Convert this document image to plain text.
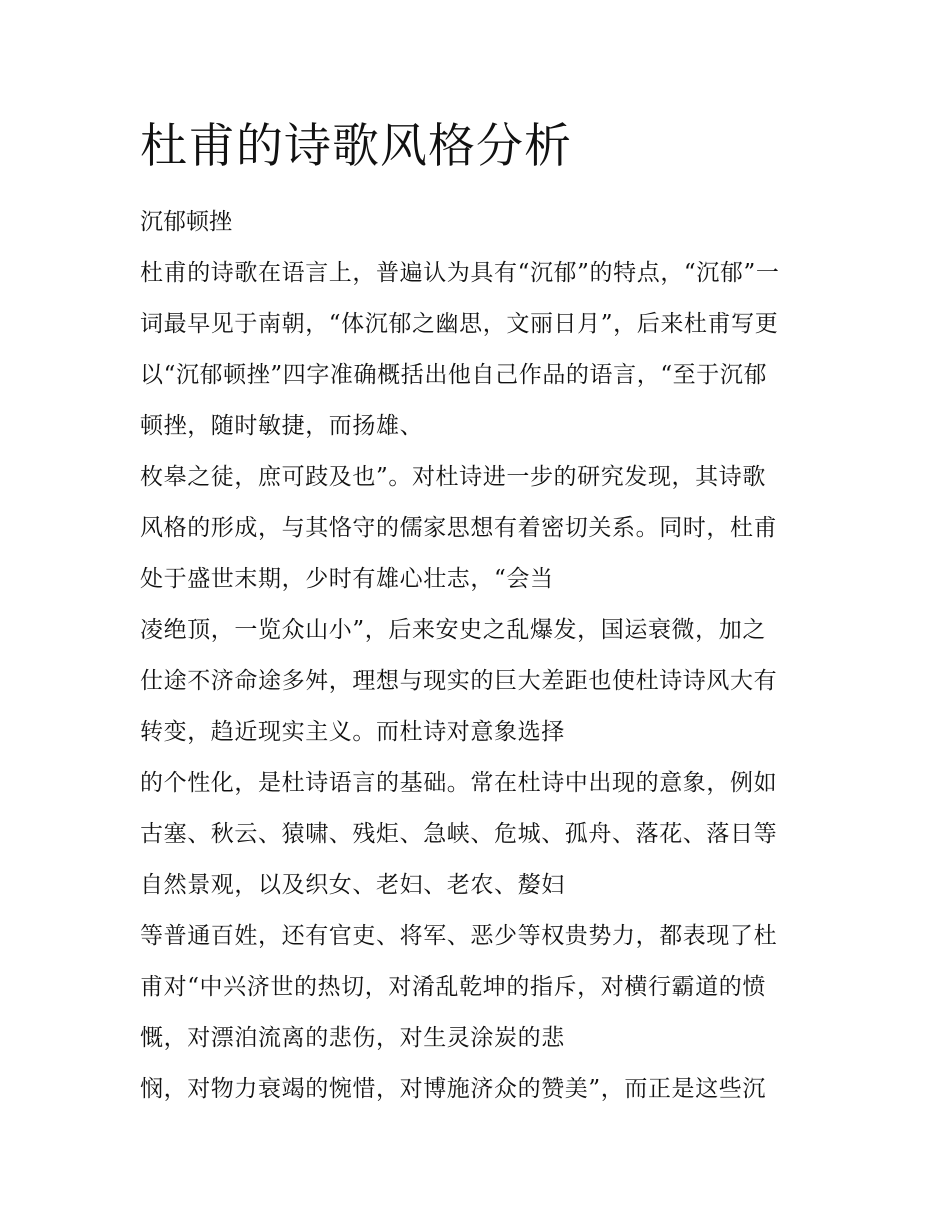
杜甫的诗歌风格分析
沉郁顿挫
杜甫的诗歌在语言上，普遍认为具有“沉郁”的特点，“沉郁”一
词最早见于南朝，“体沉郁之幽思，文丽日月”，后来杜甫写更
以“沉郁顿挫”四字准确概括出他自己作品的语言，“至于沉郁
顿挫，随时敏捷，而扬雄、
枚皋之徒，庶可跂及也”。对杜诗进一步的研究发现，其诗歌
风格的形成，与其恪守的儒家思想有着密切关系。同时，杜甫
处于盛世末期，少时有雄心壮志，“会当
凌绝顶，一览众山小”，后来安史之乱爆发，国运衰微，加之
仕途不济命途多舛，理想与现实的巨大差距也使杜诗诗风大有
转变，趋近现实主义。而杜诗对意象选择
的个性化，是杜诗语言的基础。常在杜诗中出现的意象，例如
古塞、秋云、猿啸、残炬、急峡、危城、孤舟、落花、落日等
自然景观，以及织女、老妇、老农、嫠妇
等普通百姓，还有官吏、将军、恶少等权贵势力，都表现了杜
甫对“中兴济世的热切，对淆乱乾坤的指斥，对横行霸道的愤
慨，对漂泊流离的悲伤，对生灵涂炭的悲
悯，对物力衰竭的惋惜，对博施济众的赞美”，而正是这些沉
